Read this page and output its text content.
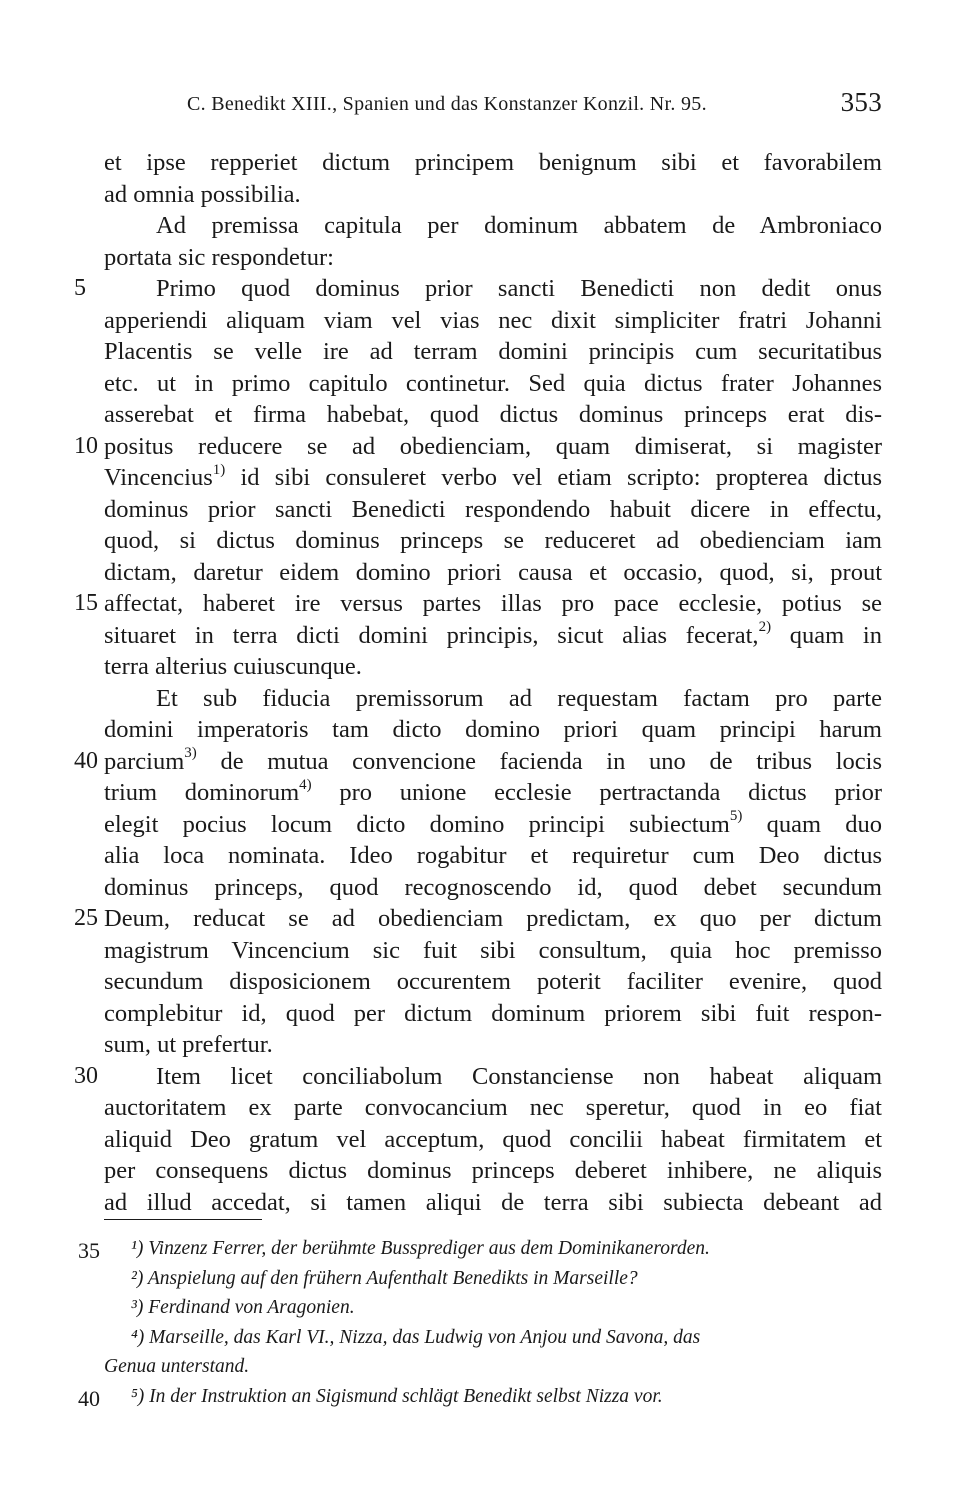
C. Benedikt XIII., Spanien und das Konstanzer Konzil. Nr. 95.	353
et ipse repperiet dictum principem benignum sibi et favorabilem
ad omnia possibilia.
Ad premissa capitula per dominum abbatem de Ambroniaco
portata sic respondetur:
5	Primo quod dominus prior sancti Benedicti non dedit onus
apperiendi aliquam viam vel vias nec dixit simpliciter fratri Johanni
Placentis se velle ire ad terram domini principis cum securitatibus
etc. ut in primo capitulo continetur. Sed quia dictus frater Johannes
asserebat et firma habebat, quod dictus dominus princeps erat dis-
10 positus reducere se ad obedienciam, quam dimiserat, si magister
Vincencius$^{1)}$ id sibi consuleret verbo vel etiam scripto: propterea dictus
dominus prior sancti Benedicti respondendo habuit dicere in effectu,
quod, si dictus dominus princeps se reduceret ad obedienciam iam
dictam, daretur eidem domino priori causa et occasio, quod, si, prout
15 affectat, haberet ire versus partes illas pro pace ecclesie, potius se
situaret in terra dicti domini principis, sicut alias fecerat,$^{2)}$ quam in
terra alterius cuiuscunque.
Et sub fiducia premissorum ad requestam factam pro parte
domini imperatoris tam dicto domino priori quam principi harum
40 parcium$^{3)}$ de mutua convencione facienda in uno de tribus locis
trium dominorum$^{4)}$ pro unione ecclesie pertractanda dictus prior
elegit pocius locum dicto domino principi subiectum$^{5)}$ quam duo
alia loca nominata. Ideo rogabitur et requiretur cum Deo dictus
dominus princeps, quod recognoscendo id, quod debet secundum
25 Deum, reducat se ad obedienciam predictam, ex quo per dictum
magistrum Vincencium sic fuit sibi consultum, quia hoc premisso
secundum disposicionem occurentem poterit faciliter evenire, quod
complebitur id, quod per dictum dominum priorem sibi fuit respon-
sum, ut prefertur.
30 Item licet conciliabolum Constanciense non habeat aliquam
auctoritatem ex parte convocancium nec speretur, quod in eo fiat
aliquid Deo gratum vel acceptum, quod concilii habeat firmitatem et
per consequens dictus dominus princeps deberet inhibere, ne aliquis
ad illud accedat, si tamen aliqui de terra sibi subiecta debeant ad
35 ¹) Vinzenz Ferrer, der berühmte Bussprediger aus dem Dominikanerorden.
²) Anspielung auf den frühern Aufenthalt Benedikts in Marseille?
³) Ferdinand von Aragonien.
⁴) Marseille, das Karl VI., Nizza, das Ludwig von Anjou und Savona, das
Genua unterstand.
40 ⁵) In der Instruktion an Sigismund schlägt Benedikt selbst Nizza vor.
